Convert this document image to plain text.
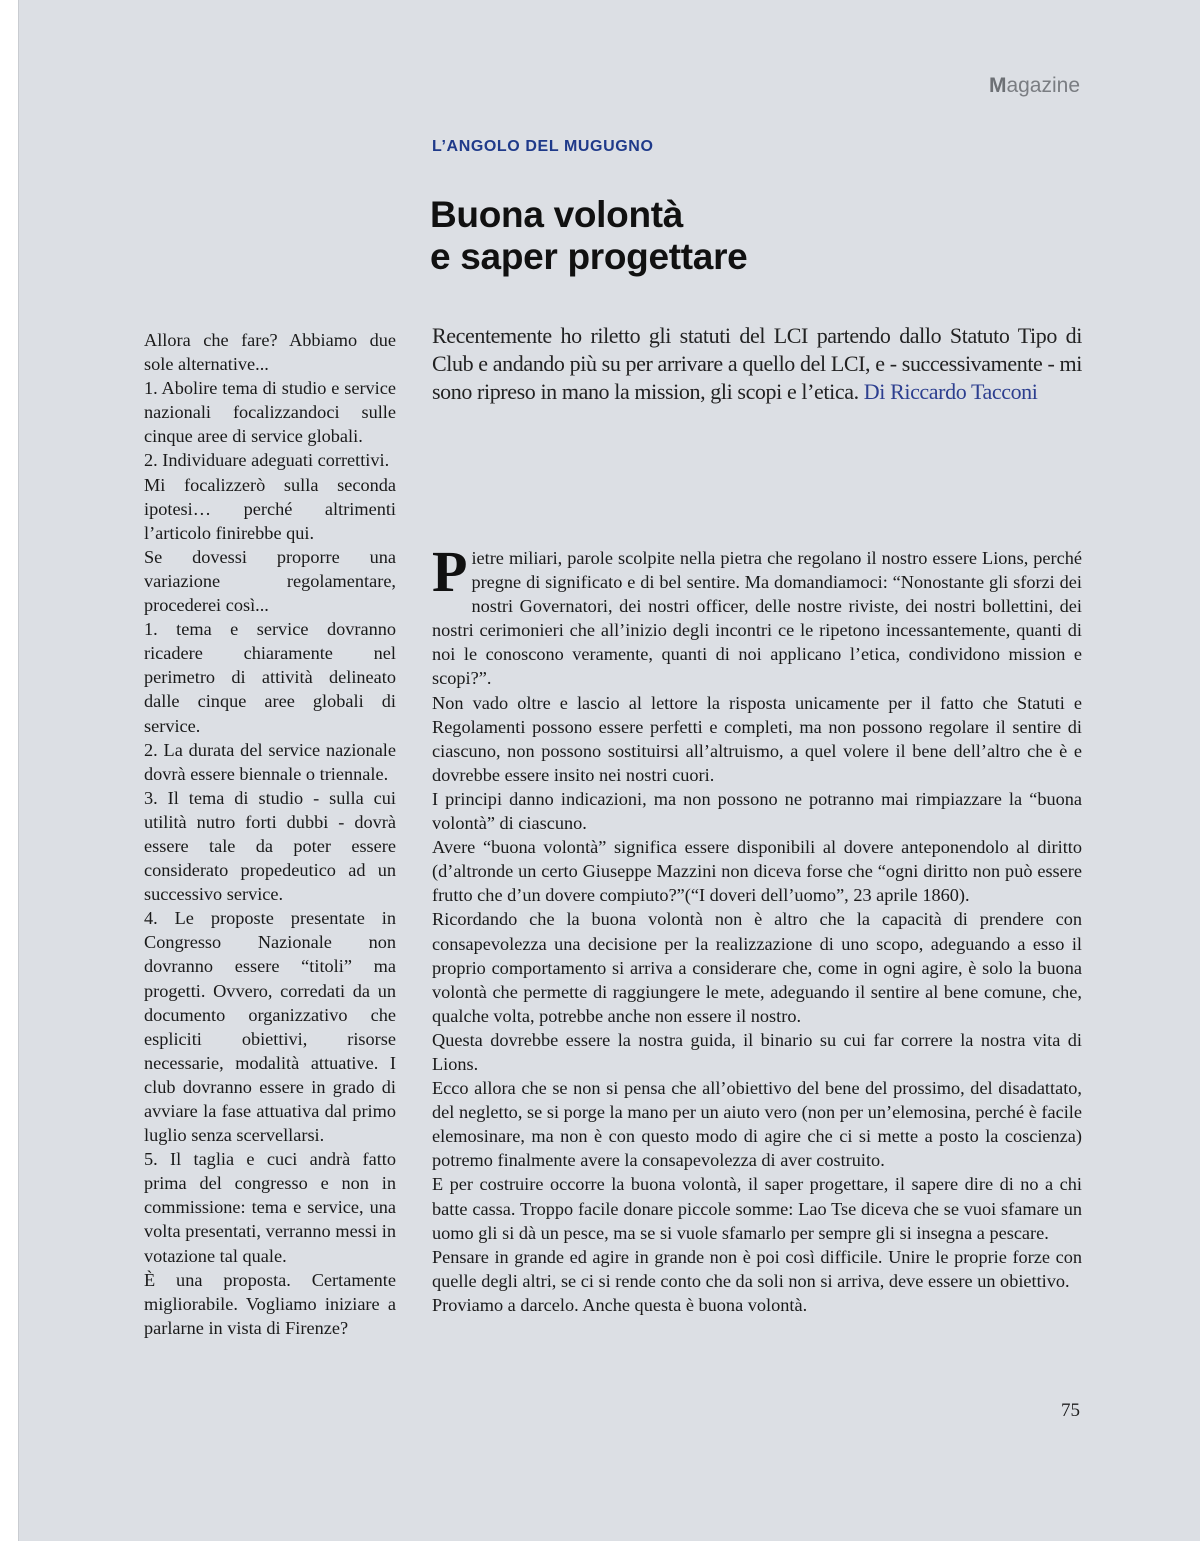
Magazine
L’ANGOLO DEL MUGUGNO
Buona volontà
e saper progettare
Recentemente ho riletto gli statuti del LCI partendo dallo Statuto Tipo di Club e andando più su per arrivare a quello del LCI, e - successivamente - mi sono ripreso in mano la mission, gli scopi e l’etica. Di Riccardo Tacconi

Allora che fare? Abbiamo due sole alternative...

1. Abolire tema di studio e service nazionali focalizzandoci sulle cinque aree di service globali.

2. Individuare adeguati correttivi.

Mi focalizzerò sulla seconda ipotesi… perché altrimenti l’articolo finirebbe qui.

Se dovessi proporre una variazione regolamentare, procederei così...

1. tema e service dovranno ricadere chiaramente nel perimetro di attività delineato dalle cinque aree globali di service.

2. La durata del service nazionale dovrà essere biennale o triennale.

3. Il tema di studio - sulla cui utilità nutro forti dubbi - dovrà essere tale da poter essere considerato propedeutico ad un successivo service.

4. Le proposte presentate in Congresso Nazionale non dovranno essere “titoli” ma progetti. Ovvero, corredati da un documento organizzativo che espliciti obiettivi, risorse necessarie, modalità attuative. I club dovranno essere in grado di avviare la fase attuativa dal primo luglio senza scervellarsi.

5. Il taglia e cuci andrà fatto prima del congresso e non in commissione: tema e service, una volta presentati, verranno messi in votazione tal quale.

È una proposta. Certamente migliorabile. Vogliamo iniziare a parlarne in vista di Firenze?

Pietre miliari, parole scolpite nella pietra che regolano il nostro essere Lions, perché pregne di significato e di bel sentire. Ma domandiamoci: “Nonostante gli sforzi dei nostri Governatori, dei nostri officer, delle nostre riviste, dei nostri bollettini, dei nostri cerimonieri che all’inizio degli incontri ce le ripetono incessantemente, quanti di noi le conoscono veramente, quanti di noi applicano l’etica, condividono mission e scopi?”.

Non vado oltre e lascio al lettore la risposta unicamente per il fatto che Statuti e Regolamenti possono essere perfetti e completi, ma non possono regolare il sentire di ciascuno, non possono sostituirsi all’altruismo, a quel volere il bene dell’altro che è e dovrebbe essere insito nei nostri cuori.

I principi danno indicazioni, ma non possono ne potranno mai rimpiazzare la “buona volontà” di ciascuno.

Avere “buona volontà” significa essere disponibili al dovere anteponendolo al diritto (d’altronde un certo Giuseppe Mazzini non diceva forse che “ogni diritto non può essere frutto che d’un dovere compiuto?”(“I doveri dell’uomo”, 23 aprile 1860).

Ricordando che la buona volontà non è altro che la capacità di prendere con consapevolezza una decisione per la realizzazione di uno scopo, adeguando a esso il proprio comportamento si arriva a considerare che, come in ogni agire, è solo la buona volontà che permette di raggiungere le mete, adeguando il sentire al bene comune, che, qualche volta, potrebbe anche non essere il nostro.

Questa dovrebbe essere la nostra guida, il binario su cui far correre la nostra vita di Lions.

Ecco allora che se non si pensa che all’obiettivo del bene del prossimo, del disadattato, del negletto, se si porge la mano per un aiuto vero (non per un’elemosina, perché è facile elemosinare, ma non è con questo modo di agire che ci si mette a posto la coscienza) potremo finalmente avere la consapevolezza di aver costruito.

E per costruire occorre la buona volontà, il saper progettare, il sapere dire di no a chi batte cassa. Troppo facile donare piccole somme: Lao Tse diceva che se vuoi sfamare un uomo gli si dà un pesce, ma se si vuole sfamarlo per sempre gli si insegna a pescare.

Pensare in grande ed agire in grande non è poi così difficile. Unire le proprie forze con quelle degli altri, se ci si rende conto che da soli non si arriva, deve essere un obiettivo.

Proviamo a darcelo. Anche questa è buona volontà.

75
